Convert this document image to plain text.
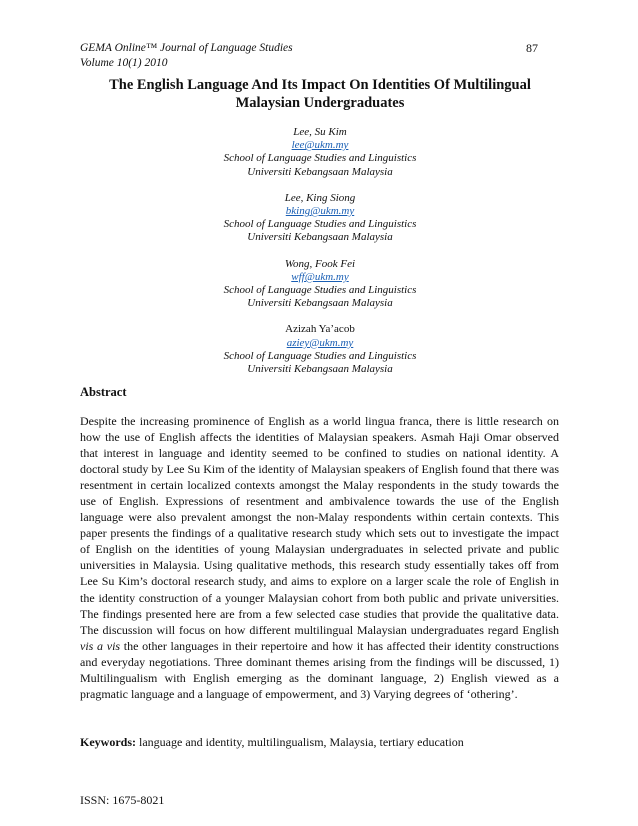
GEMA Online™ Journal of Language Studies
Volume 10(1) 2010
87
The English Language And Its Impact On Identities Of Multilingual
Malaysian Undergraduates
Lee, Su Kim
lee@ukm.my
School of Language Studies and Linguistics
Universiti Kebangsaan Malaysia
Lee, King Siong
bking@ukm.my
School of Language Studies and Linguistics
Universiti Kebangsaan Malaysia
Wong, Fook Fei
wff@ukm.my
School of Language Studies and Linguistics
Universiti Kebangsaan Malaysia
Azizah Ya’acob
aziey@ukm.my
School of Language Studies and Linguistics
Universiti Kebangsaan Malaysia
Abstract

Despite the increasing prominence of English as a world lingua franca, there is little research on how the use of English affects the identities of Malaysian speakers. Asmah Haji Omar observed that interest in language and identity seemed to be confined to studies on national identity. A doctoral study by Lee Su Kim of the identity of Malaysian speakers of English found that there was resentment in certain localized contexts amongst the Malay respondents in the study towards the use of English. Expressions of resentment and ambivalence towards the use of the English language were also prevalent amongst the non-Malay respondents within certain contexts. This paper presents the findings of a qualitative research study which sets out to investigate the impact of English on the identities of young Malaysian undergraduates in selected private and public universities in Malaysia. Using qualitative methods, this research study essentially takes off from Lee Su Kim’s doctoral research study, and aims to explore on a larger scale the role of English in the identity construction of a younger Malaysian cohort from both public and private universities. The findings presented here are from a few selected case studies that provide the qualitative data. The discussion will focus on how different multilingual Malaysian undergraduates regard English vis a vis the other languages in their repertoire and how it has affected their identity constructions and everyday negotiations. Three dominant themes arising from the findings will be discussed, 1) Multilingualism with English emerging as the dominant language, 2) English viewed as a pragmatic language and a language of empowerment, and 3) Varying degrees of ‘othering’.

Keywords: language and identity, multilingualism, Malaysia, tertiary education
ISSN: 1675-8021
